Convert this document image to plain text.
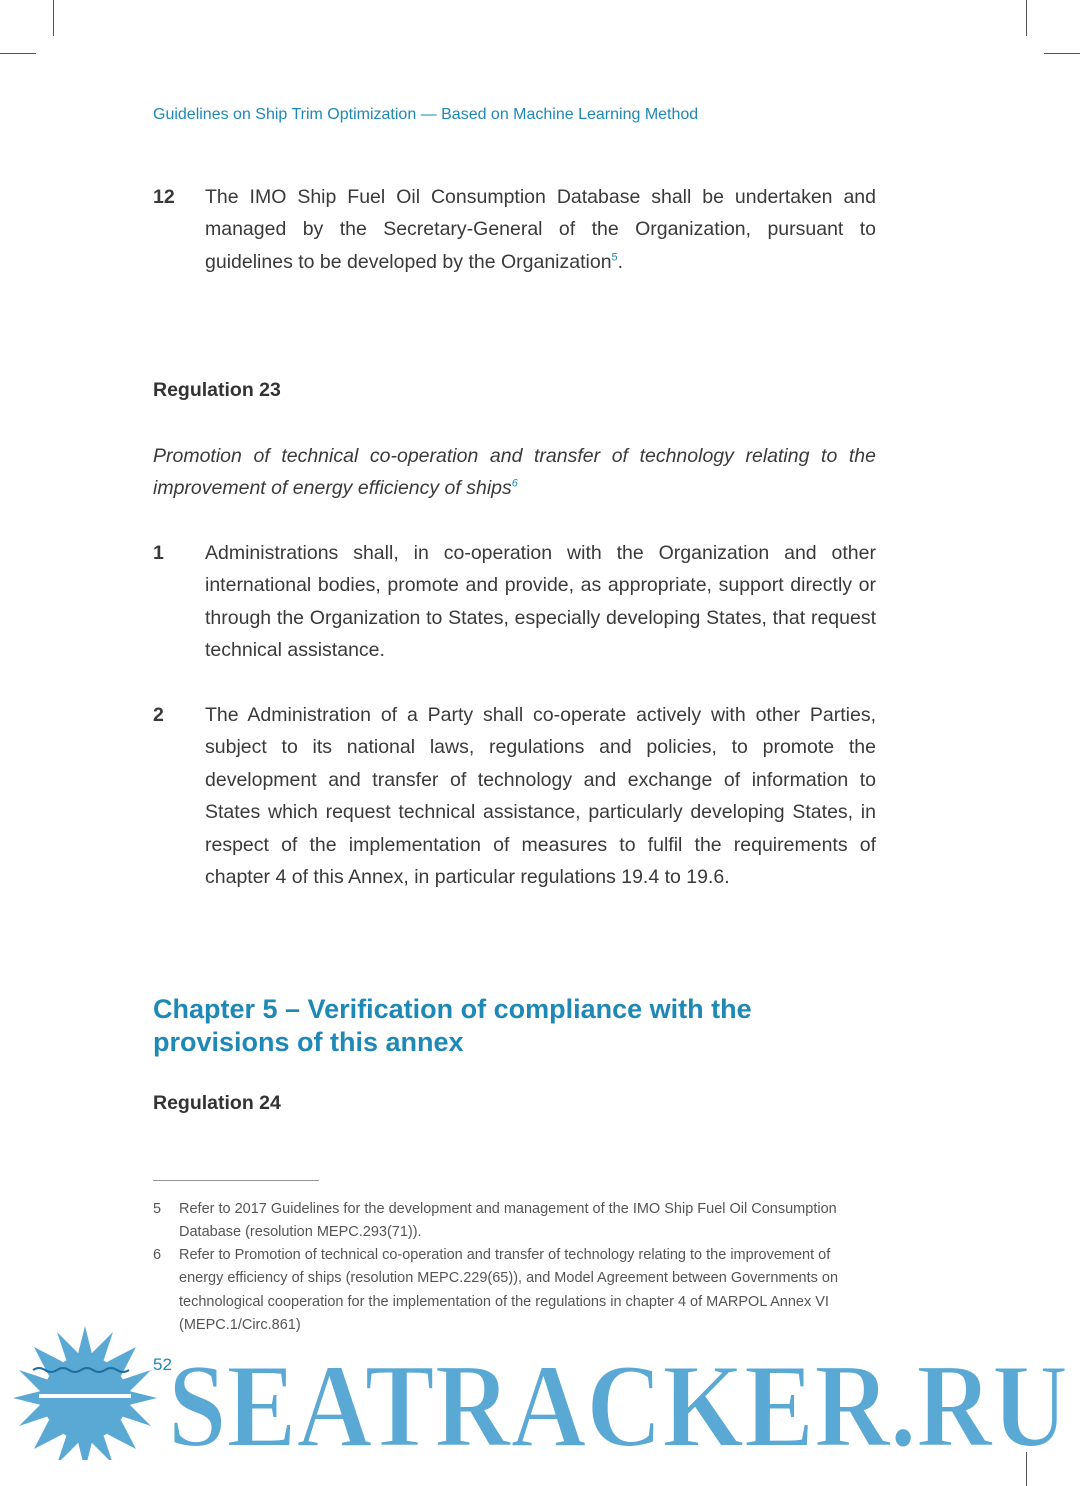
Guidelines on Ship Trim Optimization — Based on Machine Learning Method
12 The IMO Ship Fuel Oil Consumption Database shall be undertaken and managed by the Secretary-General of the Organization, pursuant to guidelines to be developed by the Organization$^5$.
Regulation 23
Promotion of technical co-operation and transfer of technology relating to the improvement of energy efficiency of ships$^6$
1 Administrations shall, in co-operation with the Organization and other international bodies, promote and provide, as appropriate, support directly or through the Organization to States, especially developing States, that request technical assistance.
2 The Administration of a Party shall co-operate actively with other Parties, subject to its national laws, regulations and policies, to promote the development and transfer of technology and exchange of information to States which request technical assistance, particularly developing States, in respect of the implementation of measures to fulfil the requirements of chapter 4 of this Annex, in particular regulations 19.4 to 19.6.
Chapter 5 – Verification of compliance with the
provisions of this annex
Regulation 24
5 Refer to 2017 Guidelines for the development and management of the IMO Ship Fuel Oil Consumption Database (resolution MEPC.293(71)).
6 Refer to Promotion of technical co-operation and transfer of technology relating to the improvement of energy efficiency of ships (resolution MEPC.229(65)), and Model Agreement between Governments on technological cooperation for the implementation of the regulations in chapter 4 of MARPOL Annex VI (MEPC.1/Circ.861)
52
SEATRACKER.RU
